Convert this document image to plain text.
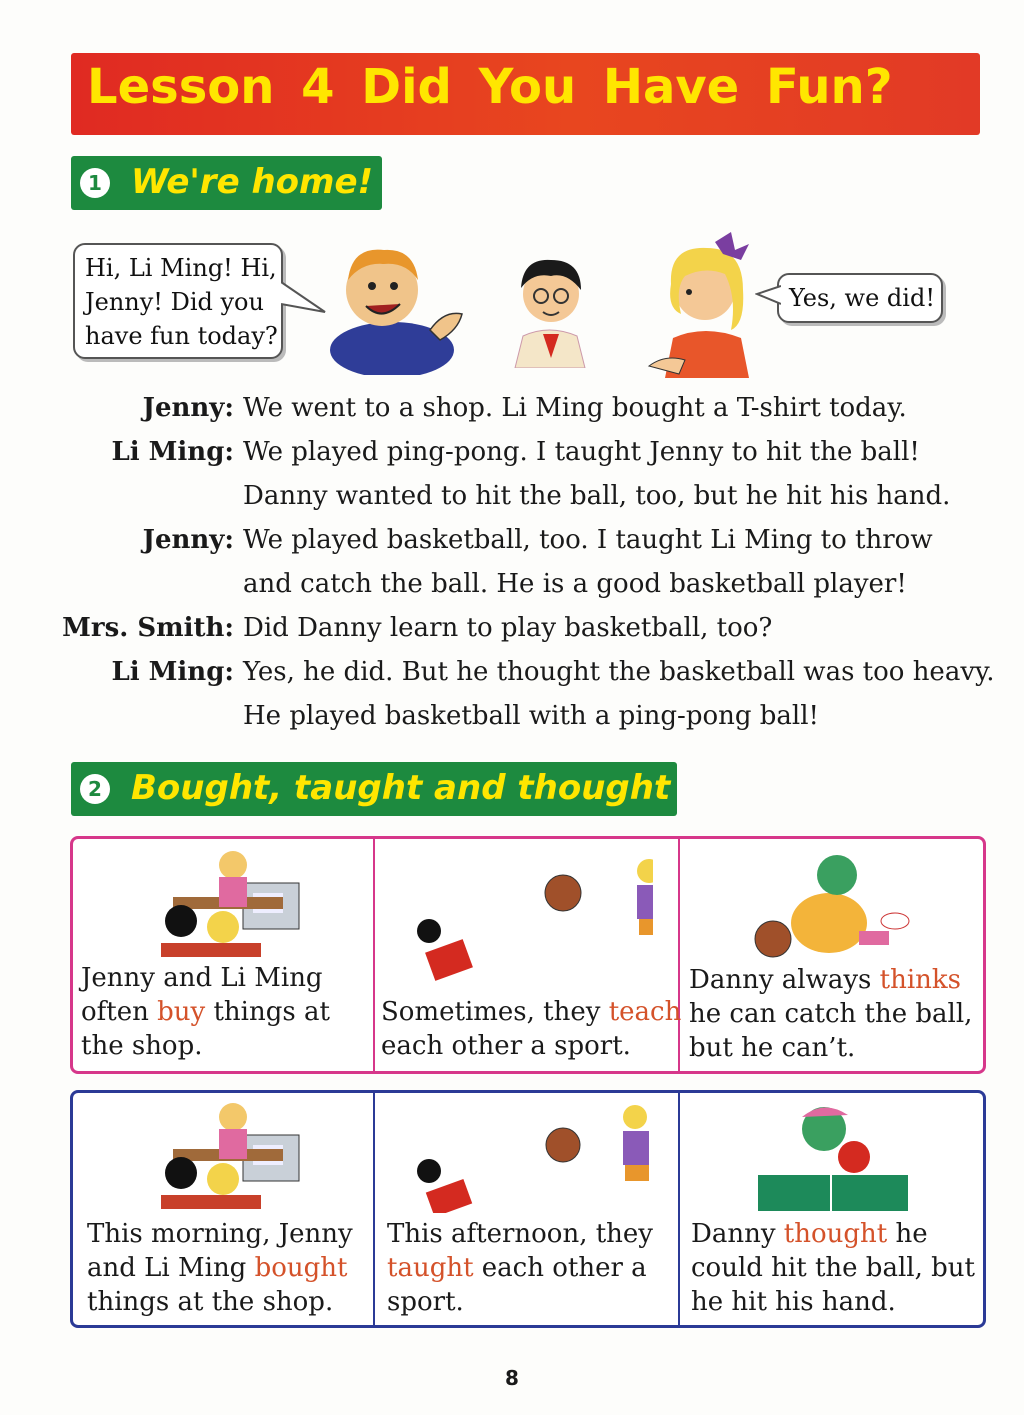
Lesson 4 Did You Have Fun?
1 We're home!
Hi, Li Ming! Hi,
Jenny! Did you
have fun today?
Yes, we did!
Jenny: We went to a shop. Li Ming bought a T-shirt today.
Li Ming: We played ping-pong. I taught Jenny to hit the ball!
Danny wanted to hit the ball, too, but he hit his hand.
Jenny: We played basketball, too. I taught Li Ming to throw
and catch the ball. He is a good basketball player!
Mrs. Smith: Did Danny learn to play basketball, too?
Li Ming: Yes, he did. But he thought the basketball was too heavy.
He played basketball with a ping-pong ball!
2 Bought, taught and thought
Jenny and Li Ming
often buy things at
the shop.
Sometimes, they teach
each other a sport.
Danny always thinks
he can catch the ball,
but he can’t.
This morning, Jenny
and Li Ming bought
things at the shop.
This afternoon, they
taught each other a
sport.
Danny thought he
could hit the ball, but
he hit his hand.
8
